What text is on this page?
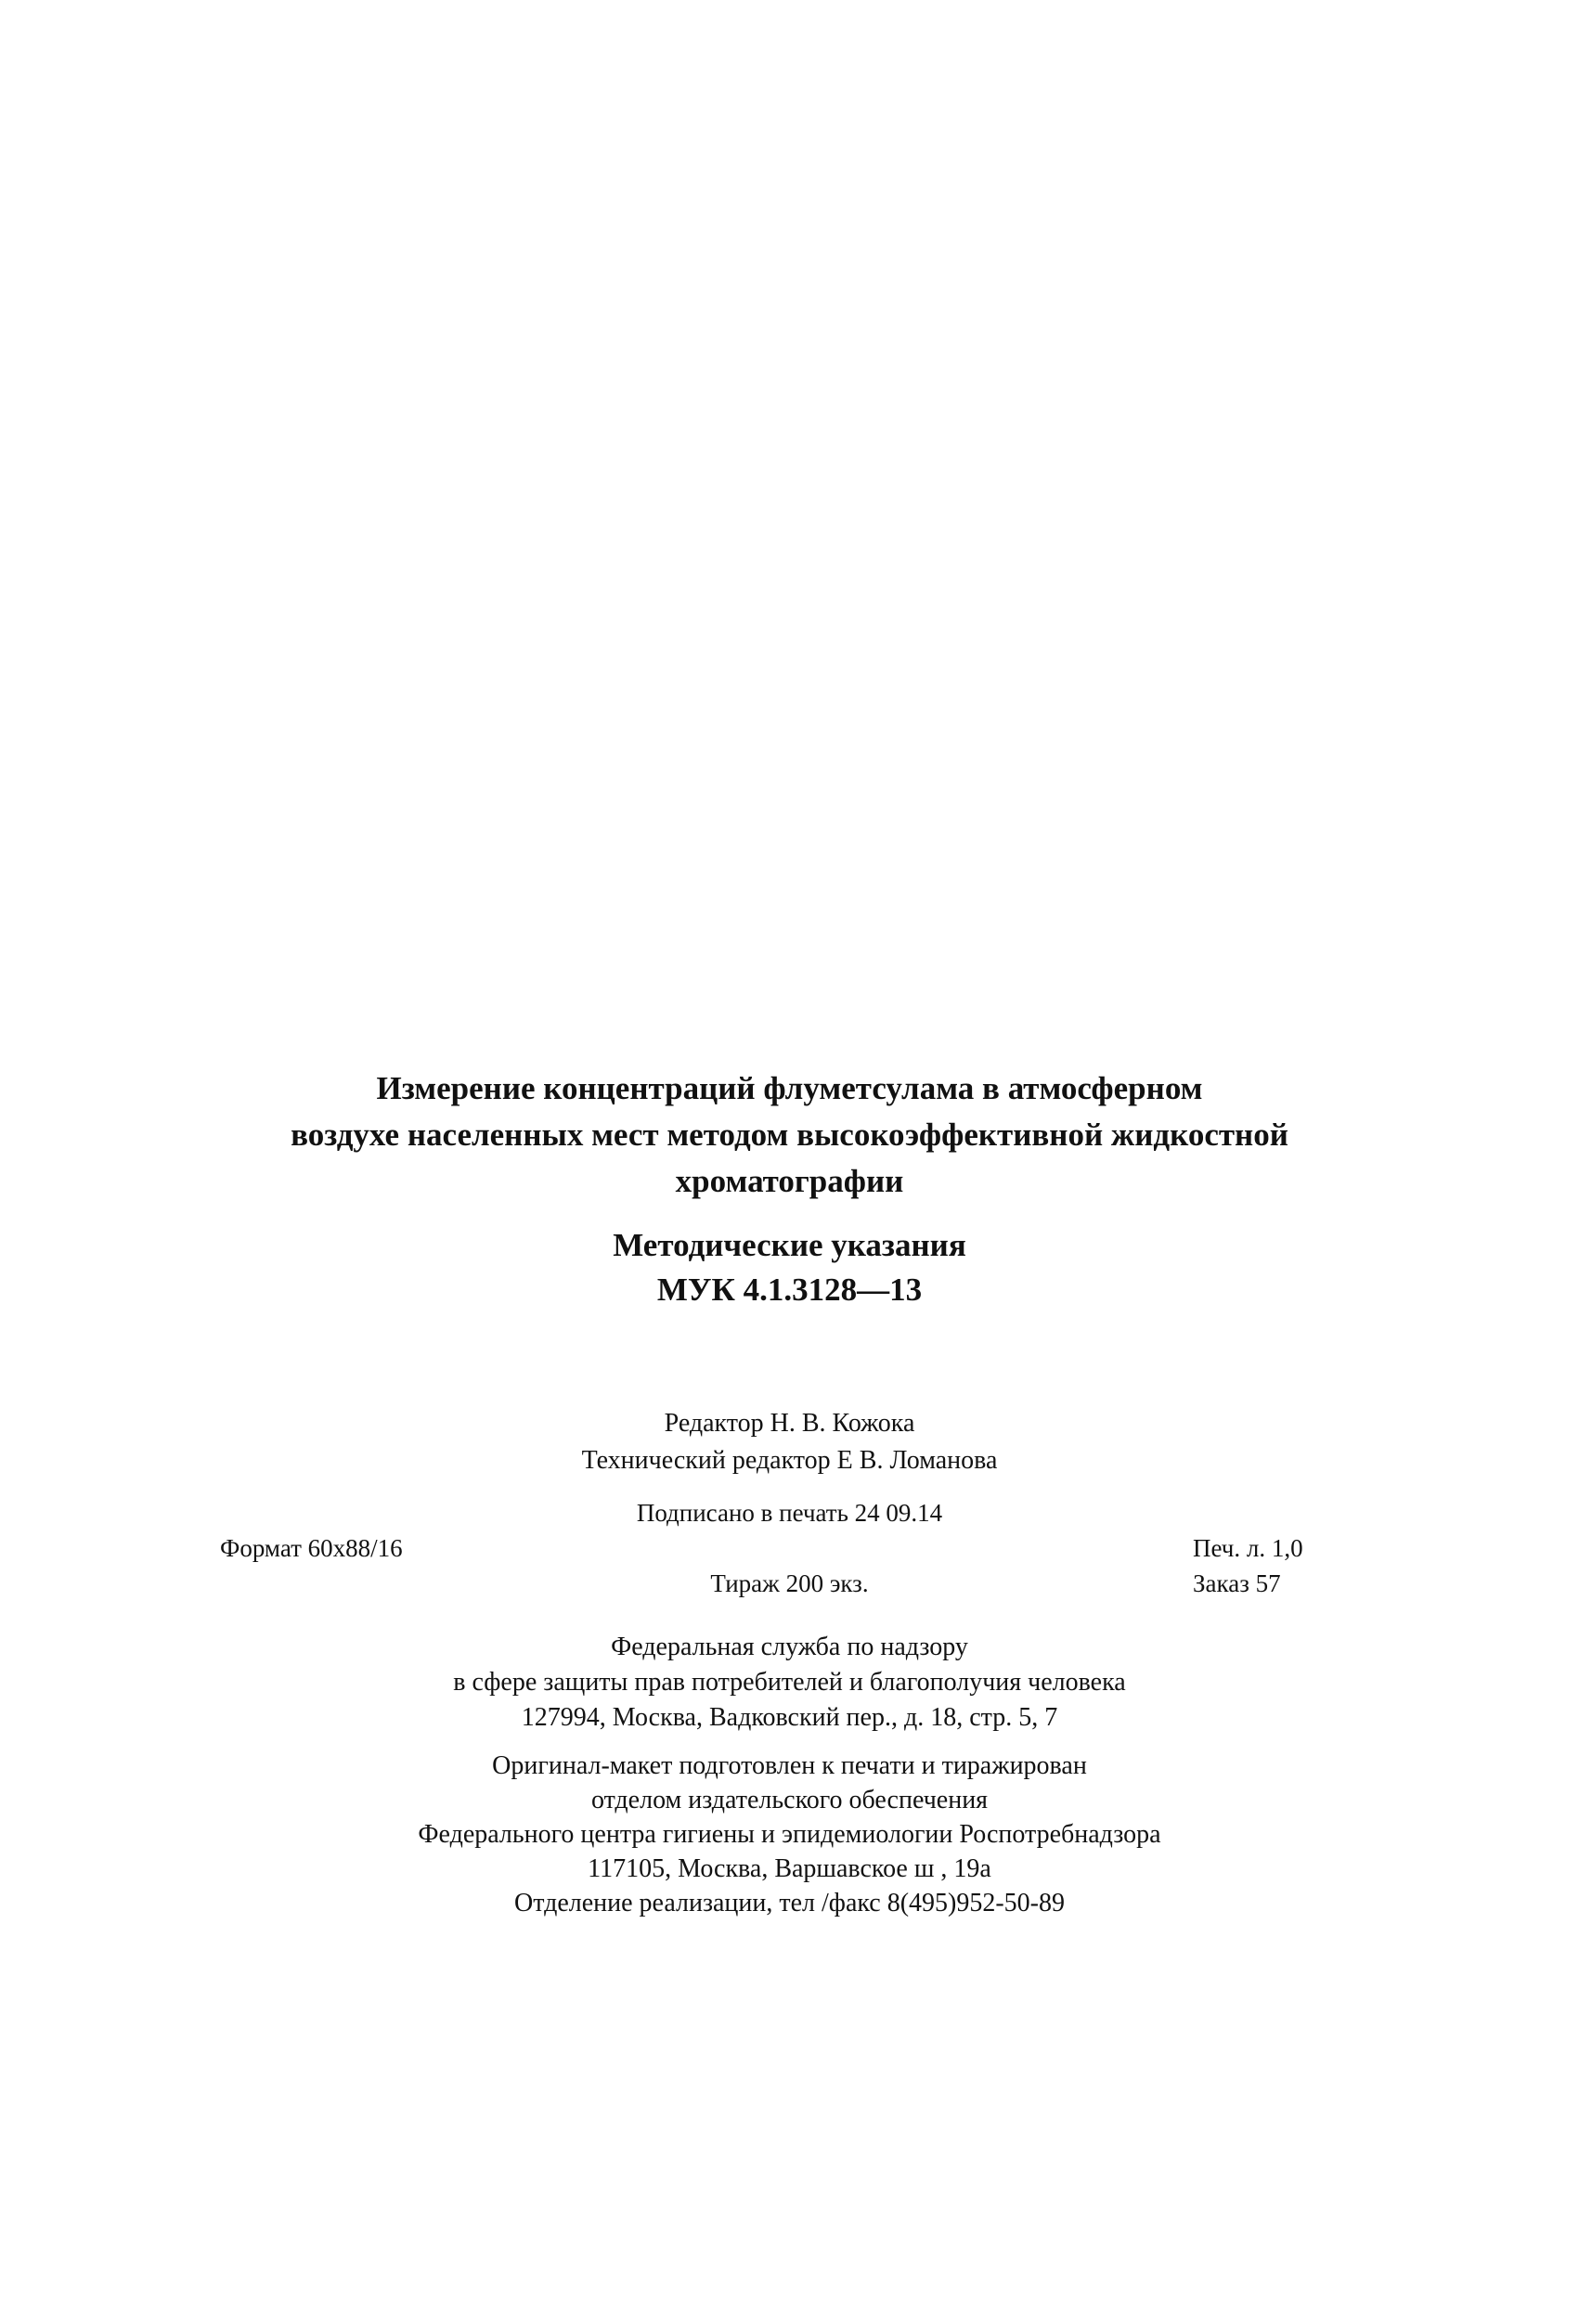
Измерение концентраций флуметсулама в атмосферном
воздухе населенных мест методом высокоэффективной жидкостной
хроматографии
Методические указания
МУК 4.1.3128—13
Редактор Н. В. Кожока
Технический редактор Е В. Ломанова
Подписано в печать 24 09.14
Формат 60x88/16	Печ. л. 1,0
Тираж 200 экз.	Заказ 57
Федеральная служба по надзору
в сфере защиты прав потребителей и благополучия человека
127994, Москва, Вадковский пер., д. 18, стр. 5, 7
Оригинал-макет подготовлен к печати и тиражирован
отделом издательского обеспечения
Федерального центра гигиены и эпидемиологии Роспотребнадзора
117105, Москва, Варшавское ш , 19а
Отделение реализации, тел /факс 8(495)952-50-89
